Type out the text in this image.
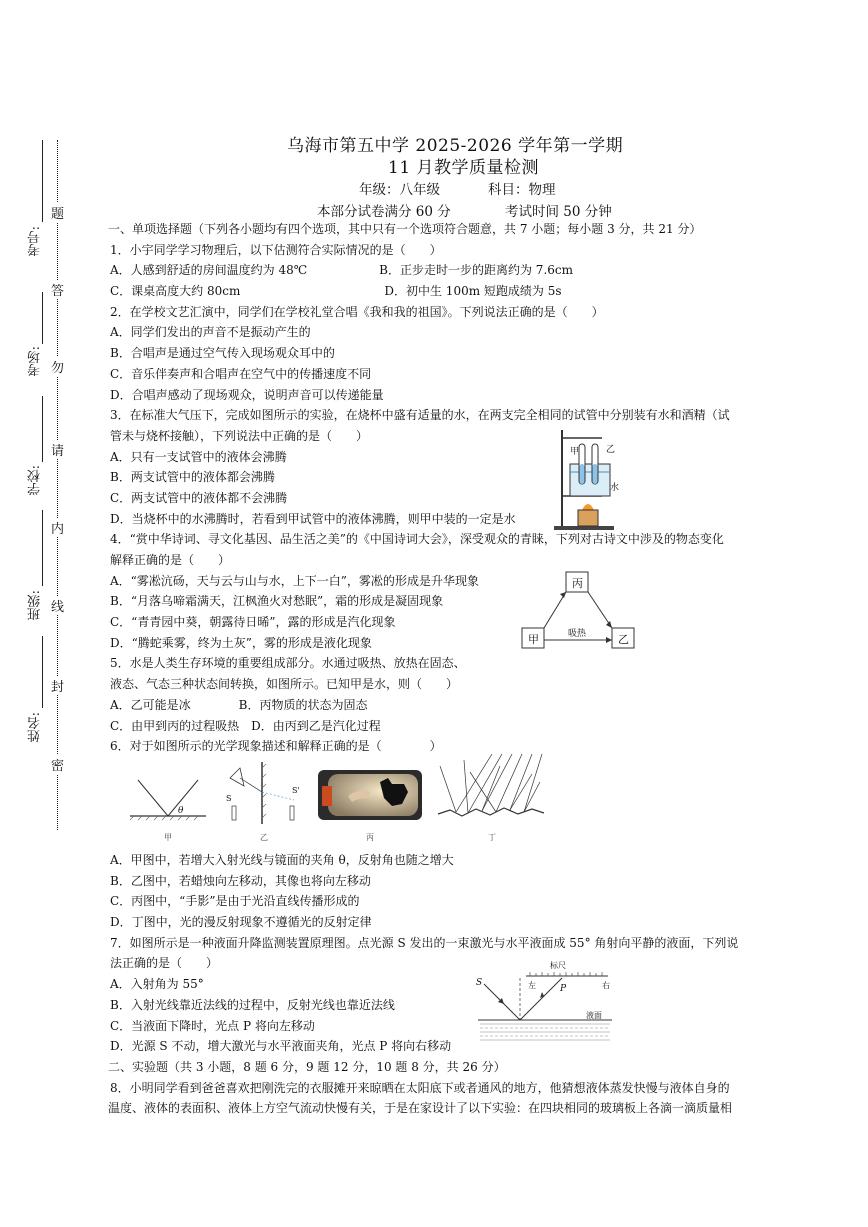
题
答
勿
请
内
线
封
密
考号:
考场:
学校:
班级:
姓名:
乌海市第五中学 2025-2026 学年第一学期
11 月教学质量检测
年级：八年级	科目：物理
本部分试卷满分 60 分	考试时间 50 分钟
一、单项选择题（下列各小题均有四个选项，其中只有一个选项符合题意，共 7 小题；每小题 3 分，共 21 分）
1．小宇同学学习物理后，以下估测符合实际情况的是（　　）
A．人感到舒适的房间温度约为 48℃　　　　　　B．正步走时一步的距离约为 7.6cm
C．课桌高度大约 80cm　　　　　　　　　　　　D．初中生 100m 短跑成绩为 5s
2．在学校文艺汇演中，同学们在学校礼堂合唱《我和我的祖国》。下列说法正确的是（　　）
A．同学们发出的声音不是振动产生的
B．合唱声是通过空气传入现场观众耳中的
C．音乐伴奏声和合唱声在空气中的传播速度不同
D．合唱声感动了现场观众，说明声音可以传递能量
3．在标准大气压下，完成如图所示的实验，在烧杯中盛有适量的水，在两支完全相同的试管中分别装有水和酒精（试
管未与烧杯接触），下列说法中正确的是（　　）
A．只有一支试管中的液体会沸腾
B．两支试管中的液体都会沸腾
C．两支试管中的液体都不会沸腾
D．当烧杯中的水沸腾时，若看到甲试管中的液体沸腾，则甲中装的一定是水
4．“赏中华诗词、寻文化基因、品生活之美”的《中国诗词大会》，深受观众的青睐，下列对古诗文中涉及的物态变化
解释正确的是（　　）
A．“雾凇沆砀，天与云与山与水，上下一白”，雾凇的形成是升华现象
B．“月落乌啼霜满天，江枫渔火对愁眠”，霜的形成是凝固现象
C．“青青园中葵，朝露待日晞”，露的形成是汽化现象
D．“腾蛇乘雾，终为土灰”，雾的形成是液化现象
5．水是人类生存环境的重要组成部分。水通过吸热、放热在固态、
液态、气态三种状态间转换，如图所示。已知甲是水，则（　　）
A．乙可能是冰　　　　B．丙物质的状态为固态
C．由甲到丙的过程吸热　D．由丙到乙是汽化过程
6．对于如图所示的光学现象描述和解释正确的是（　　　　）
甲	乙
水
丙
甲	乙
吸热
θ
甲
S
S'
乙	丙	丁
A．甲图中，若增大入射光线与镜面的夹角 θ，反射角也随之增大
B．乙图中，若蜡烛向左移动，其像也将向左移动
C．丙图中，“手影”是由于光沿直线传播形成的
D．丁图中，光的漫反射现象不遵循光的反射定律
7．如图所示是一种液面升降监测装置原理图。点光源 S 发出的一束激光与水平液面成 55° 角射向平静的液面，下列说
法正确的是（　　）
A．入射角为 55°
B．入射光线靠近法线的过程中，反射光线也靠近法线
C．当液面下降时，光点 P 将向左移动
D．光源 S 不动，增大激光与水平液面夹角，光点 P 将向右移动
二、实验题（共 3 小题，8 题 6 分，9 题 12 分，10 题 8 分，共 26 分）
8．小明同学看到爸爸喜欢把刚洗完的衣服摊开来晾晒在太阳底下或者通风的地方，他猜想液体蒸发快慢与液体自身的
温度、液体的表面积、液体上方空气流动快慢有关，于是在家设计了以下实验：在四块相同的玻璃板上各滴一滴质量相
标尺
左	右
S
P
液面
